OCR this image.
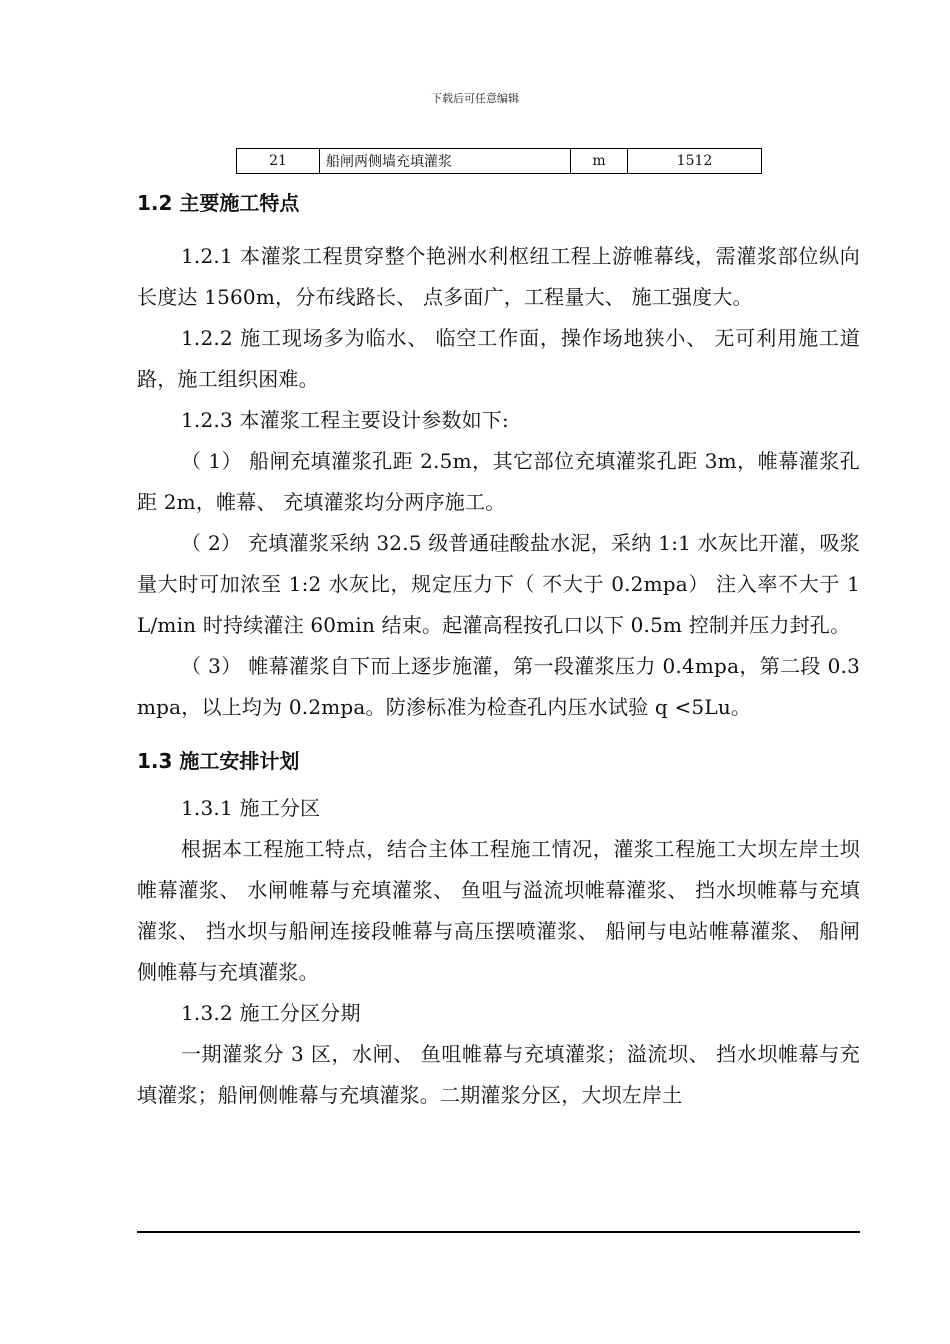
下载后可任意编辑
21	船闸两侧墙充填灌浆	m	1512

1.2 主要施工特点

1.2.1 本灌浆工程贯穿整个艳洲水利枢纽工程上游帷幕线，需灌浆部位纵向长度达 1560m，分布线路长、 点多面广，工程量大、 施工强度大。

1.2.2 施工现场多为临水、 临空工作面，操作场地狭小、 无可利用施工道路，施工组织困难。

1.2.3 本灌浆工程主要设计参数如下:

（ 1） 船闸充填灌浆孔距 2.5m，其它部位充填灌浆孔距 3m，帷幕灌浆孔距 2m，帷幕、 充填灌浆均分两序施工。

（ 2） 充填灌浆采纳 32.5 级普通硅酸盐水泥，采纳 1:1 水灰比开灌，吸浆量大时可加浓至 1:2 水灰比，规定压力下（ 不大于 0.2mpa） 注入率不大于 1L/min 时持续灌注 60min 结束。起灌高程按孔口以下 0.5m 控制并压力封孔。

（ 3） 帷幕灌浆自下而上逐步施灌，第一段灌浆压力 0.4mpa，第二段 0.3mpa，以上均为 0.2mpa。防渗标准为检查孔内压水试验 q <5Lu。

1.3 施工安排计划

1.3.1 施工分区

根据本工程施工特点，结合主体工程施工情况，灌浆工程施工大坝左岸土坝帷幕灌浆、 水闸帷幕与充填灌浆、 鱼咀与溢流坝帷幕灌浆、 挡水坝帷幕与充填灌浆、 挡水坝与船闸连接段帷幕与高压摆喷灌浆、 船闸与电站帷幕灌浆、 船闸侧帷幕与充填灌浆。

1.3.2 施工分区分期

一期灌浆分 3 区，水闸、 鱼咀帷幕与充填灌浆；溢流坝、 挡水坝帷幕与充填灌浆；船闸侧帷幕与充填灌浆。二期灌浆分区，大坝左岸土
